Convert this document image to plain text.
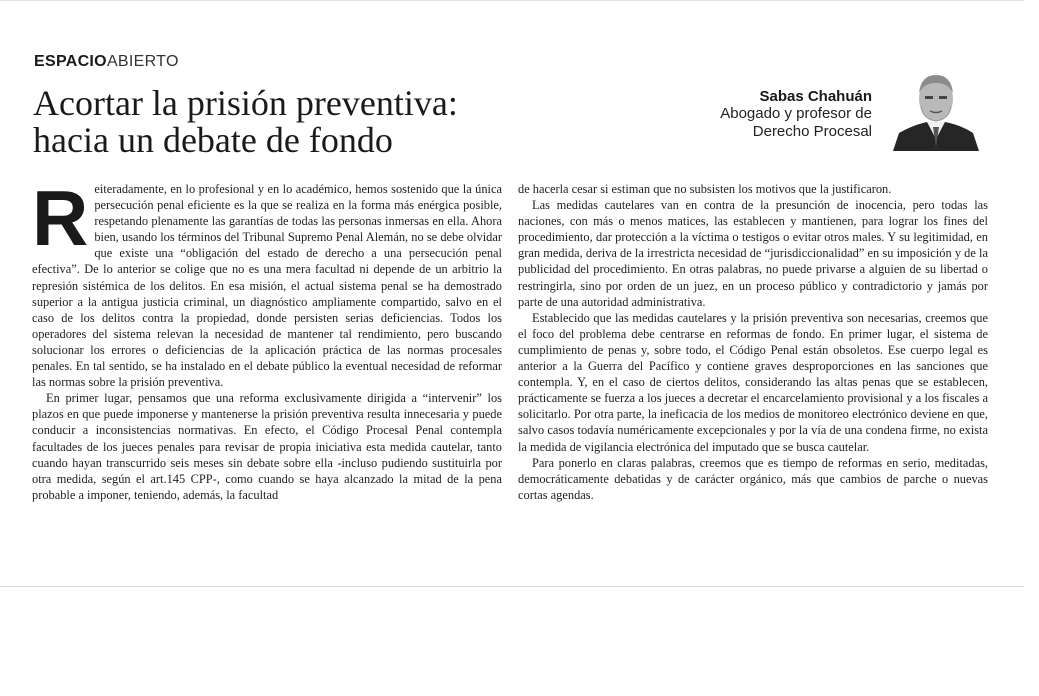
ESPACIOABIERTO
Acortar la prisión preventiva:
hacia un debate de fondo
Sabas Chahuán
Abogado y profesor de
Derecho Procesal

Reiteradamente, en lo profesional y en lo académico, hemos sostenido que la única persecución penal eficiente es la que se realiza en la forma más enérgica posible, respetando plenamente las garantías de todas las personas inmersas en ella. Ahora bien, usando los términos del Tribunal Supremo Penal Alemán, no se debe olvidar que existe una “obligación del estado de derecho a una persecución penal efectiva”. De lo anterior se colige que no es una mera facultad ni depende de un arbitrio la represión sistémica de los delitos. En esa misión, el actual sistema penal se ha demostrado superior a la antigua justicia criminal, un diagnóstico ampliamente compartido, salvo en el caso de los delitos contra la propiedad, donde persisten serias deficiencias. Todos los operadores del sistema relevan la necesidad de mantener tal rendimiento, pero buscando solucionar los errores o deficiencias de la aplicación práctica de las normas procesales penales. En tal sentido, se ha instalado en el debate público la eventual necesidad de reformar las normas sobre la prisión preventiva.

En primer lugar, pensamos que una reforma exclusivamente dirigida a “intervenir” los plazos en que puede imponerse y mantenerse la prisión preventiva resulta innecesaria y puede conducir a inconsistencias normativas. En efecto, el Código Procesal Penal contempla facultades de los jueces penales para revisar de propia iniciativa esta medida cautelar, tanto cuando hayan transcurrido seis meses sin debate sobre ella -incluso pudiendo sustituirla por otra medida, según el art.145 CPP-, como cuando se haya alcanzado la mitad de la pena probable a imponer, teniendo, además, la facultad

de hacerla cesar si estiman que no subsisten los motivos que la justificaron.

Las medidas cautelares van en contra de la presunción de inocencia, pero todas las naciones, con más o menos matices, las establecen y mantienen, para lograr los fines del procedimiento, dar protección a la víctima o testigos o evitar otros males. Y su legitimidad, en gran medida, deriva de la irrestricta necesidad de “jurisdiccionalidad” en su imposición y de la publicidad del procedimiento. En otras palabras, no puede privarse a alguien de su libertad o restringirla, sino por orden de un juez, en un proceso público y contradictorio y jamás por parte de una autoridad administrativa.

Establecido que las medidas cautelares y la prisión preventiva son necesarias, creemos que el foco del problema debe centrarse en reformas de fondo. En primer lugar, el sistema de cumplimiento de penas y, sobre todo, el Código Penal están obsoletos. Ese cuerpo legal es anterior a la Guerra del Pacífico y contiene graves desproporciones en las sanciones que contempla. Y, en el caso de ciertos delitos, considerando las altas penas que se establecen, prácticamente se fuerza a los jueces a decretar el encarcelamiento provisional y a los fiscales a solicitarlo. Por otra parte, la ineficacia de los medios de monitoreo electrónico deviene en que, salvo casos todavía numéricamente excepcionales y por la vía de una condena firme, no exista la medida de vigilancia electrónica del imputado que se busca cautelar.

Para ponerlo en claras palabras, creemos que es tiempo de reformas en serio, meditadas, democráticamente debatidas y de carácter orgánico, más que cambios de parche o nuevas cortas agendas.
